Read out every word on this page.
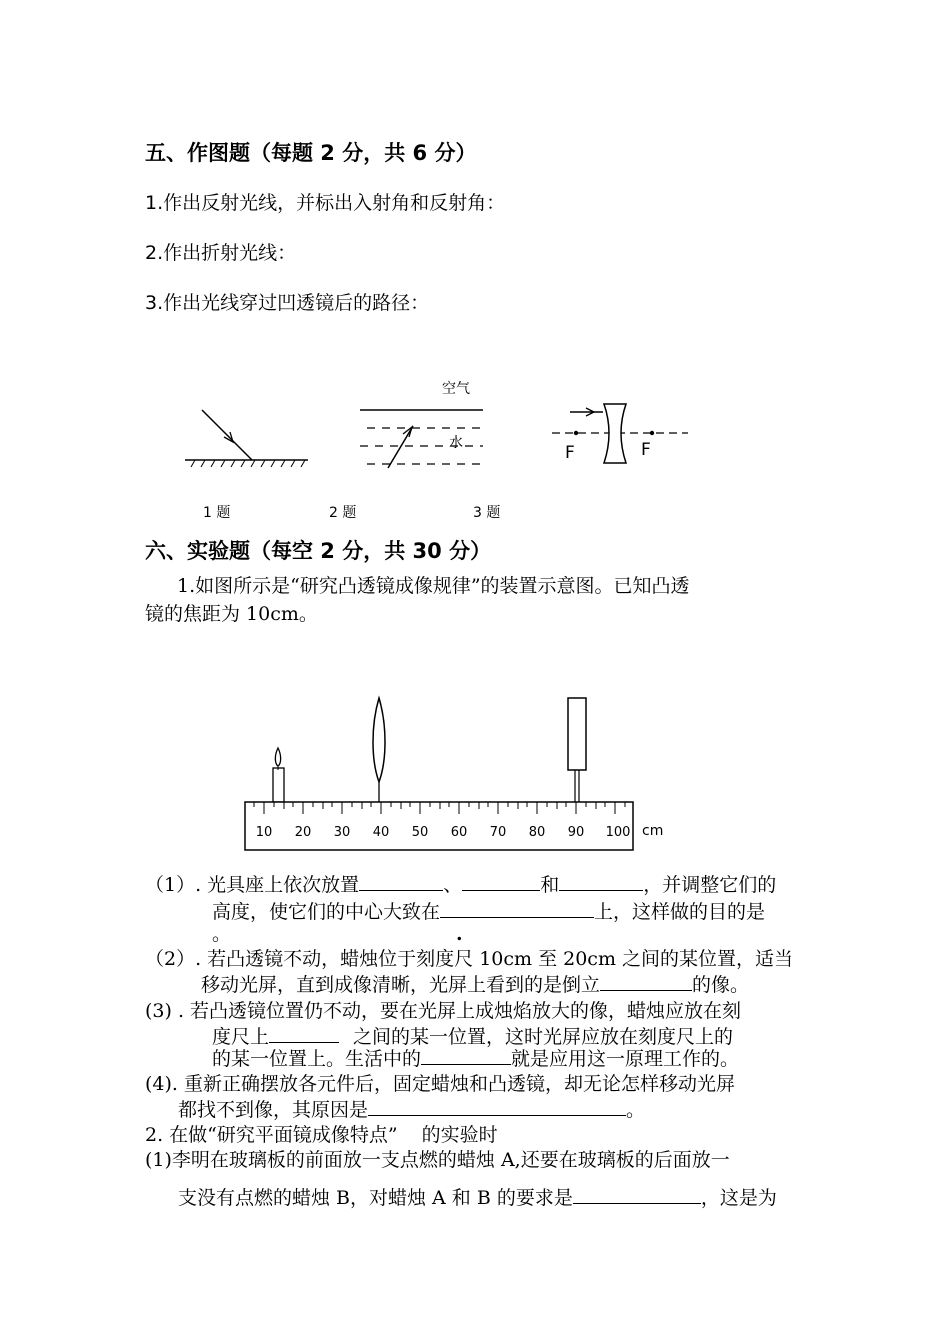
五、作图题（每题 2 分，共 6 分）
1.作出反射光线，并标出入射角和反射角：
2.作出折射光线：
3.作出光线穿过凹透镜后的路径：
空气
水	F	F
1 题	2 题	3 题
六、实验题（每空 2 分，共 30 分）
1.如图所示是“研究凸透镜成像规律”的装置示意图。已知凸透
镜的焦距为 10cm。
10 20 30 40 50 60 70 80 90 100 cm
（1）. 光具座上依次放置	、	和	，并调整它们的
高度，使它们的中心大致在	上，这样做的目的是
。	.
（2）. 若凸透镜不动，蜡烛位于刻度尺 10cm 至 20cm 之间的某位置，适当
移动光屏，直到成像清晰，光屏上看到的是倒立	的像。
(3) . 若凸透镜位置仍不动，要在光屏上成烛焰放大的像，蜡烛应放在刻
度尺上	之间的某一位置，这时光屏应放在刻度尺上的
的某一位置上。生活中的	就是应用这一原理工作的。
(4). 重新正确摆放各元件后，固定蜡烛和凸透镜，却无论怎样移动光屏
都找不到像，其原因是	。
2. 在做“研究平面镜成像特点” 的实验时
(1)李明在玻璃板的前面放一支点燃的蜡烛 A,还要在玻璃板的后面放一
支没有点燃的蜡烛 B，对蜡烛 A 和 B 的要求是	，这是为
